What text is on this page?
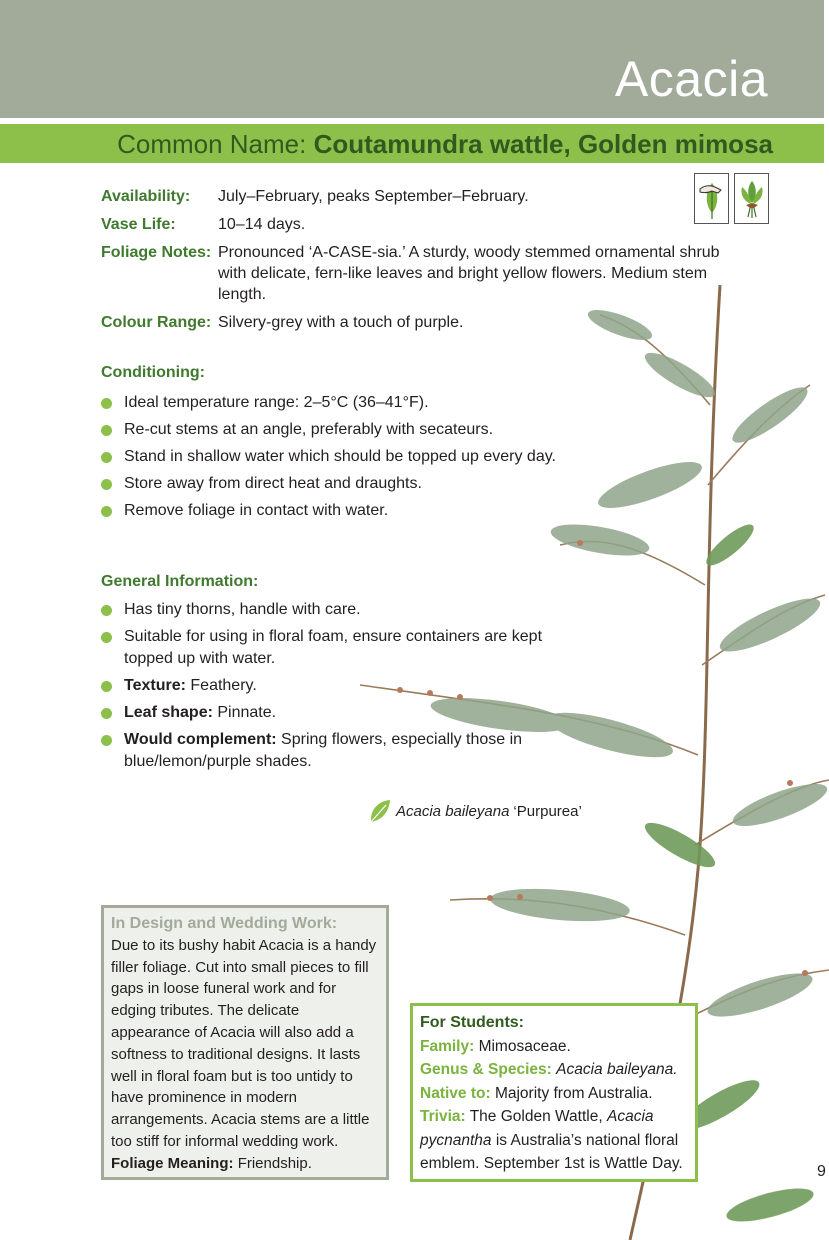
Acacia
Common Name: Coutamundra wattle, Golden mimosa
Availability:	July–February, peaks September–February.
Vase Life:	10–14 days.
Foliage Notes: Pronounced ‘A-CASE-sia.’ A sturdy, woody stemmed ornamental shrub with delicate, fern-like leaves and bright yellow flowers. Medium stem length.
Colour Range: Silvery-grey with a touch of purple.
Conditioning:
Ideal temperature range: 2–5°C (36–41°F).
Re-cut stems at an angle, preferably with secateurs.
Stand in shallow water which should be topped up every day.
Store away from direct heat and draughts.
Remove foliage in contact with water.
General Information:
Has tiny thorns, handle with care.
Suitable for using in floral foam, ensure containers are kept topped up with water.
Texture: Feathery.
Leaf shape: Pinnate.
Would complement: Spring flowers, especially those in blue/lemon/purple shades.
Acacia baileyana ‘Purpurea’
In Design and Wedding Work:

Due to its bushy habit Acacia is a handy filler foliage. Cut into small pieces to fill gaps in loose funeral work and for edging tributes. The delicate appearance of Acacia will also add a softness to traditional designs. It lasts well in floral foam but is too untidy to have prominence in modern arrangements. Acacia stems are a little too stiff for informal wedding work.

Foliage Meaning: Friendship.

For Students:

Family: Mimosaceae.

Genus & Species: Acacia baileyana.

Native to: Majority from Australia.

Trivia: The Golden Wattle, Acacia pycnantha is Australia’s national floral emblem. September 1st is Wattle Day.	9
